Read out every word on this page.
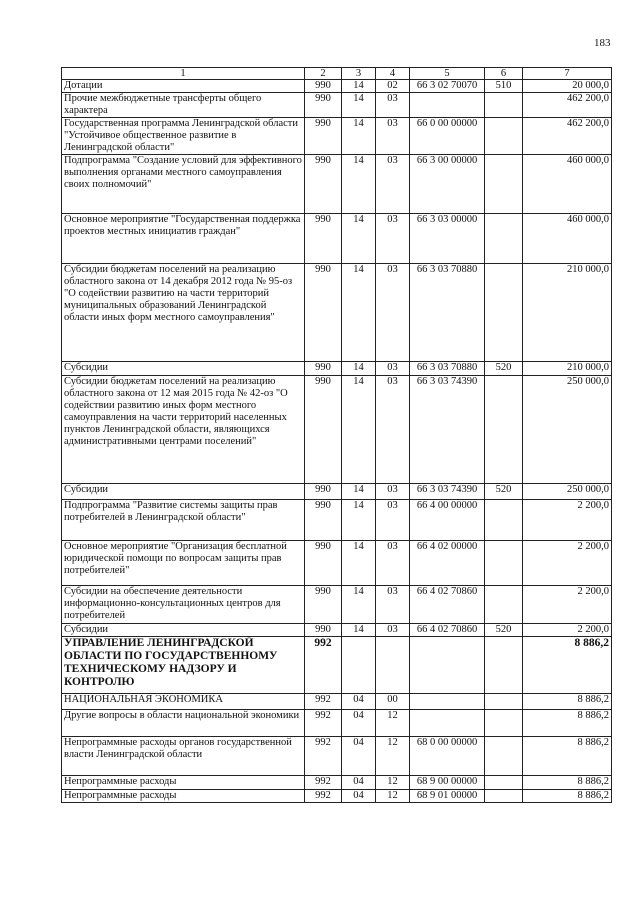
183
1	2	3	4	5	6	7
Дотации	990	14	02	66 3 02 70070	510	20 000,0
Прочие межбюджетные трансферты общего характера	990	14	03			462 200,0
Государственная программа Ленинградской области "Устойчивое общественное развитие в Ленинградской области"	990	14	03	66 0 00 00000		462 200,0
Подпрограмма "Создание условий для эффективного выполнения органами местного самоуправления своих полномочий"	990	14	03	66 3 00 00000		460 000,0
Основное мероприятие "Государственная поддержка проектов местных инициатив граждан"	990	14	03	66 3 03 00000		460 000,0
Субсидии бюджетам поселений на реализацию областного закона от 14 декабря 2012 года № 95-оз "О содействии развитию на части территорий муниципальных образований Ленинградской области иных форм местного самоуправления"	990	14	03	66 3 03 70880		210 000,0
Субсидии	990	14	03	66 3 03 70880	520	210 000,0
Субсидии бюджетам поселений на реализацию областного закона от 12 мая 2015 года № 42-оз "О содействии развитию иных форм местного самоуправления на части территорий населенных пунктов Ленинградской области, являющихся административными центрами поселений"	990	14	03	66 3 03 74390		250 000,0
Субсидии	990	14	03	66 3 03 74390	520	250 000,0
Подпрограмма "Развитие системы защиты прав потребителей в Ленинградской области"	990	14	03	66 4 00 00000		2 200,0
Основное мероприятие "Организация бесплатной юридической помощи по вопросам защиты прав потребителей"	990	14	03	66 4 02 00000		2 200,0
Субсидии на обеспечение деятельности информационно-консультационных центров для потребителей	990	14	03	66 4 02 70860		2 200,0
Субсидии	990	14	03	66 4 02 70860	520	2 200,0
УПРАВЛЕНИЕ ЛЕНИНГРАДСКОЙ ОБЛАСТИ ПО ГОСУДАРСТВЕННОМУ ТЕХНИЧЕСКОМУ НАДЗОРУ И КОНТРОЛЮ	992					8 886,2
НАЦИОНАЛЬНАЯ ЭКОНОМИКА	992	04	00			8 886,2
Другие вопросы в области национальной экономики	992	04	12			8 886,2
Непрограммные расходы органов государственной власти Ленинградской области	992	04	12	68 0 00 00000		8 886,2
Непрограммные расходы	992	04	12	68 9 00 00000		8 886,2
Непрограммные расходы	992	04	12	68 9 01 00000		8 886,2
